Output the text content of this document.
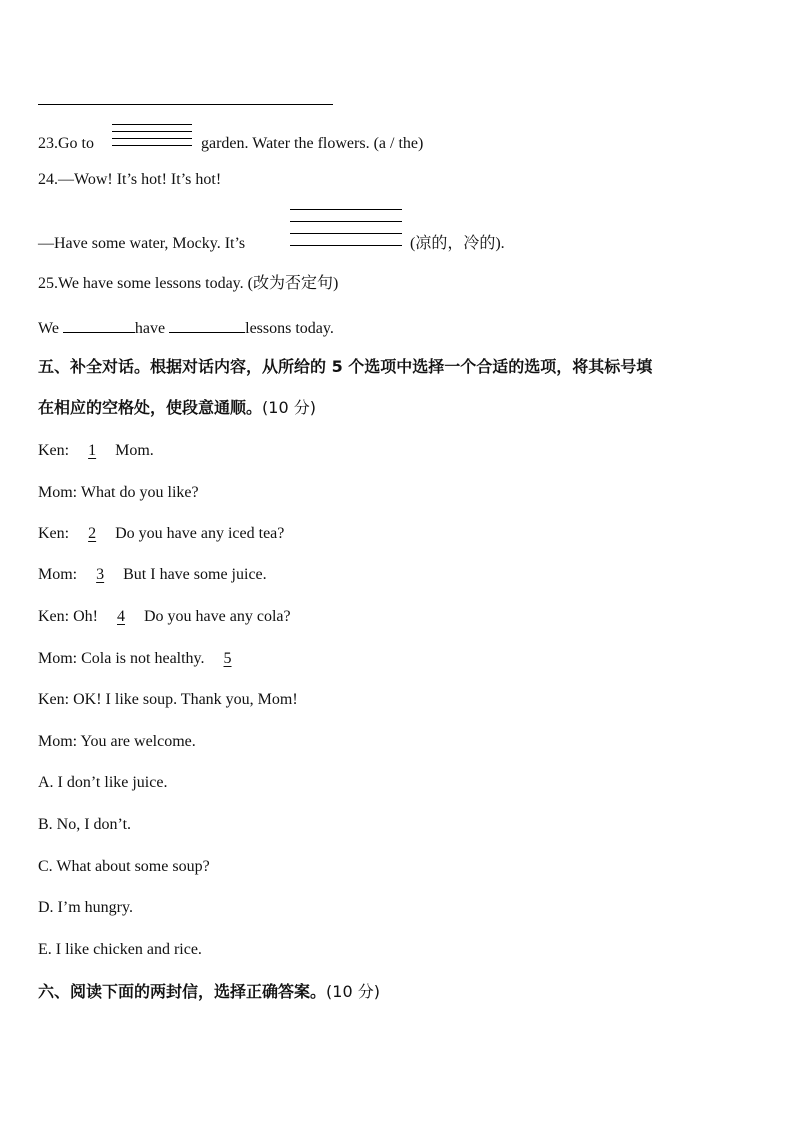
23.Go to	garden. Water the flowers. (a / the)
24.—Wow! It’s hot! It’s hot!
—Have some water, Mocky. It’s	(凉的，冷的).
25.We have some lessons today. (改为否定句)
We	have	lessons today.
五、补全对话。根据对话内容，从所给的 5 个选项中选择一个合适的选项，将其标号填
在相应的空格处，使段意通顺。(10 分)
Ken: 1 Mom.
Mom: What do you like?
Ken: 2 Do you have any iced tea?
Mom: 3 But I have some juice.
Ken: Oh! 4 Do you have any cola?
Mom: Cola is not healthy. 5
Ken: OK! I like soup. Thank you, Mom!
Mom: You are welcome.
A. I don’t like juice.
B. No, I don’t.
C. What about some soup?
D. I’m hungry.
E. I like chicken and rice.
六、阅读下面的两封信，选择正确答案。(10 分)
